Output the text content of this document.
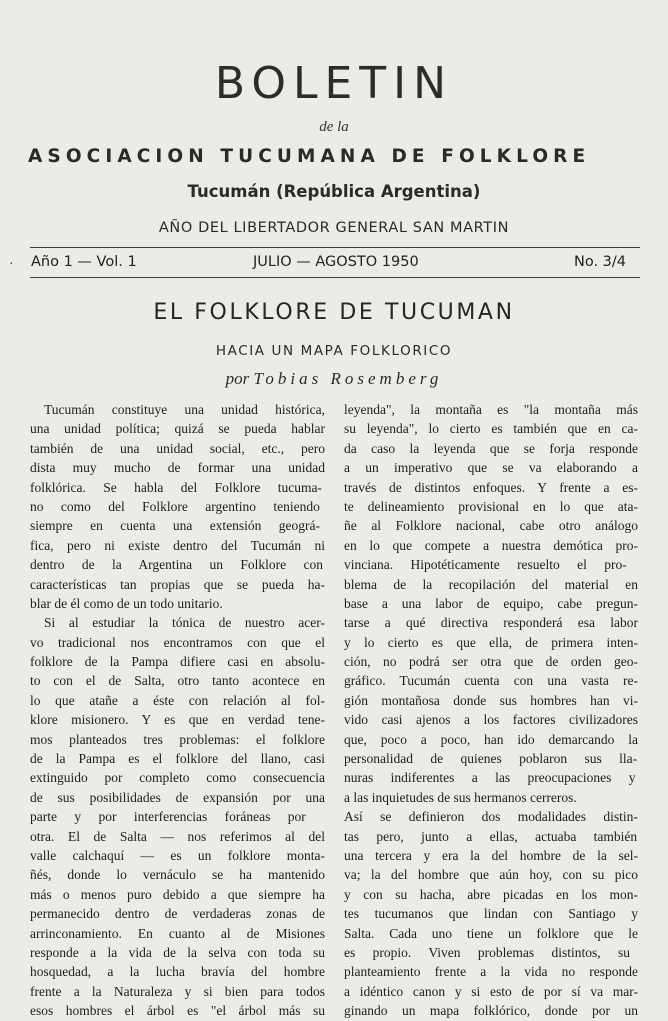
BOLETIN
de la
ASOCIACION TUCUMANA DE FOLKLORE
Tucumán (República Argentina)
AÑO DEL LIBERTADOR GENERAL SAN MARTIN
· Año 1 — Vol. 1	JULIO — AGOSTO 1950	No. 3/4
EL FOLKLORE DE TUCUMAN
HACIA UN MAPA FOLKLORICO
por Tobias Rosemberg
Tucumán constituye una unidad histórica,
una unidad política; quizá se pueda hablar
también de una unidad social, etc., pero
dista muy mucho de formar una unidad
folklórica. Se habla del Folklore tucuma-
no como del Folklore argentino teniendo
siempre en cuenta una extensión geográ-
fica, pero ni existe dentro del Tucumán ni
dentro de la Argentina un Folklore con
características tan propias que se pueda ha-
blar de él como de un todo unitario.
Si al estudiar la tónica de nuestro acer-
vo tradicional nos encontramos con que el
folklore de la Pampa difiere casi en absolu-
to con el de Salta, otro tanto acontece en
lo que atañe a éste con relación al fol-
klore misionero. Y es que en verdad tene-
mos planteados tres problemas: el folklore
de la Pampa es el folklore del llano, casi
extinguido por completo como consecuencia
de sus posibilidades de expansión por una
parte y por interferencias foráneas por
otra. El de Salta — nos referimos al del
valle calchaquí — es un folklore monta-
ñés, donde lo vernáculo se ha mantenido
más o menos puro debido a que siempre ha
permanecido dentro de verdaderas zonas de
arrinconamiento. En cuanto al de Misiones
responde a la vida de la selva con toda su
hosquedad, a la lucha bravía del hombre
frente a la Naturaleza y si bien para todos
esos hombres el árbol es "el árbol más su
leyenda", la montaña es "la montaña más
su leyenda", lo cierto es también que en ca-
da caso la leyenda que se forja responde
a un imperativo que se va elaborando a
través de distintos enfoques. Y frente a es-
te delineamiento provisional en lo que ata-
ñe al Folklore nacional, cabe otro análogo
en lo que compete a nuestra demótica pro-
vinciana. Hipotéticamente resuelto el pro-
blema de la recopilación del material en
base a una labor de equipo, cabe pregun-
tarse a qué directiva responderá esa labor
y lo cierto es que ella, de primera inten-
ción, no podrá ser otra que de orden geo-
gráfico. Tucumán cuenta con una vasta re-
gión montañosa donde sus hombres han vi-
vido casi ajenos a los factores civilizadores
que, poco a poco, han ido demarcando la
personalidad de quienes poblaron sus lla-
nuras indiferentes a las preocupaciones y
a las inquietudes de sus hermanos cerreros.
Así se definieron dos modalidades distin-
tas pero, junto a ellas, actuaba también
una tercera y era la del hombre de la sel-
va; la del hombre que aún hoy, con su pico
y con su hacha, abre picadas en los mon-
tes tucumanos que lindan con Santiago y
Salta. Cada uno tiene un folklore que le
es propio. Viven problemas distintos, su
planteamiento frente a la vida no responde
a idéntico canon y si esto de por sí va mar-
ginando un mapa folklórico, donde por un
